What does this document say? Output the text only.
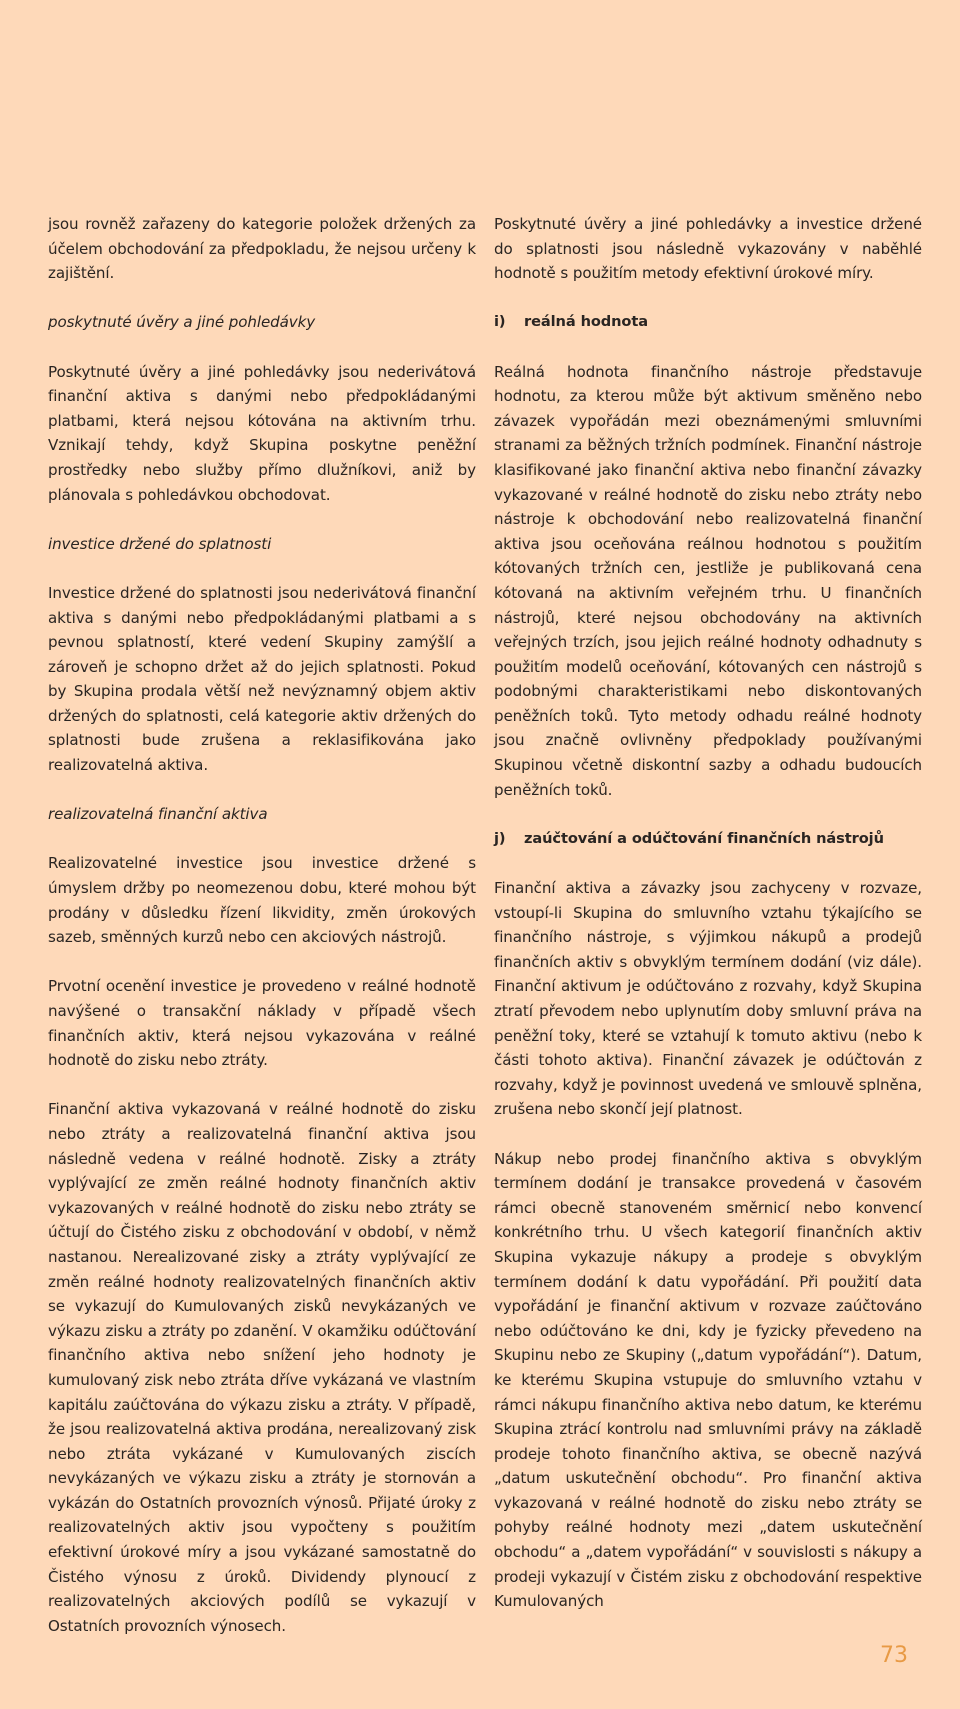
jsou rovněž zařazeny do kategorie položek držených za účelem obchodování za předpokladu, že nejsou určeny k zajištění.

poskytnuté úvěry a jiné pohledávky

Poskytnuté úvěry a jiné pohledávky jsou nederivátová finanční aktiva s danými nebo předpokládanými platbami, která nejsou kótována na aktivním trhu. Vznikají tehdy, když Skupina poskytne peněžní prostředky nebo služby přímo dlužníkovi, aniž by plánovala s pohledávkou obchodovat.

investice držené do splatnosti

Investice držené do splatnosti jsou nederivátová finanční aktiva s danými nebo předpokládanými platbami a s pevnou splatností, které vedení Skupiny zamýšlí a zároveň je schopno držet až do jejich splatnosti. Pokud by Skupina prodala větší než nevýznamný objem aktiv držených do splatnosti, celá kategorie aktiv držených do splatnosti bude zrušena a reklasifikována jako realizovatelná aktiva.

realizovatelná finanční aktiva

Realizovatelné investice jsou investice držené s úmyslem držby po neomezenou dobu, které mohou být prodány v důsledku řízení likvidity, změn úrokových sazeb, směnných kurzů nebo cen akciových nástrojů.

Prvotní ocenění investice je provedeno v reálné hodnotě navýšené o transakční náklady v případě všech finančních aktiv, která nejsou vykazována v reálné hodnotě do zisku nebo ztráty.

Finanční aktiva vykazovaná v reálné hodnotě do zisku nebo ztráty a realizovatelná finanční aktiva jsou následně vedena v reálné hodnotě. Zisky a ztráty vyplývající ze změn reálné hodnoty finančních aktiv vykazovaných v reálné hodnotě do zisku nebo ztráty se účtují do Čistého zisku z obchodování v období, v němž nastanou. Nerealizované zisky a ztráty vyplývající ze změn reálné hodnoty realizovatelných finančních aktiv se vykazují do Kumulovaných zisků nevykázaných ve výkazu zisku a ztráty po zdanění. V okamžiku odúčtování finančního aktiva nebo snížení jeho hodnoty je kumulovaný zisk nebo ztráta dříve vykázaná ve vlastním kapitálu zaúčtována do výkazu zisku a ztráty. V případě, že jsou realizovatelná aktiva prodána, nerealizovaný zisk nebo ztráta vykázané v Kumulovaných ziscích nevykázaných ve výkazu zisku a ztráty je stornován a vykázán do Ostatních provozních výnosů. Přijaté úroky z realizovatelných aktiv jsou vypočteny s použitím efektivní úrokové míry a jsou vykázané samostatně do Čistého výnosu z úroků. Dividendy plynoucí z realizovatelných akciových podílů se vykazují v Ostatních provozních výnosech.

Poskytnuté úvěry a jiné pohledávky a investice držené do splatnosti jsou následně vykazovány v naběhlé hodnotě s použitím metody efektivní úrokové míry.

i) reálná hodnota

Reálná hodnota finančního nástroje představuje hodnotu, za kterou může být aktivum směněno nebo závazek vypořádán mezi obeznámenými smluvními stranami za běžných tržních podmínek. Finanční nástroje klasifikované jako finanční aktiva nebo finanční závazky vykazované v reálné hodnotě do zisku nebo ztráty nebo nástroje k obchodování nebo realizovatelná finanční aktiva jsou oceňována reálnou hodnotou s použitím kótovaných tržních cen, jestliže je publikovaná cena kótovaná na aktivním veřejném trhu. U finančních nástrojů, které nejsou obchodovány na aktivních veřejných trzích, jsou jejich reálné hodnoty odhadnuty s použitím modelů oceňování, kótovaných cen nástrojů s podobnými charakteristikami nebo diskontovaných peněžních toků. Tyto metody odhadu reálné hodnoty jsou značně ovlivněny předpoklady používanými Skupinou včetně diskontní sazby a odhadu budoucích peněžních toků.

j) zaúčtování a odúčtování finančních nástrojů

Finanční aktiva a závazky jsou zachyceny v rozvaze, vstoupí-li Skupina do smluvního vztahu týkajícího se finančního nástroje, s výjimkou nákupů a prodejů finančních aktiv s obvyklým termínem dodání (viz dále). Finanční aktivum je odúčtováno z rozvahy, když Skupina ztratí převodem nebo uplynutím doby smluvní práva na peněžní toky, které se vztahují k tomuto aktivu (nebo k části tohoto aktiva). Finanční závazek je odúčtován z rozvahy, když je povinnost uvedená ve smlouvě splněna, zrušena nebo skončí její platnost.

Nákup nebo prodej finančního aktiva s obvyklým termínem dodání je transakce provedená v časovém rámci obecně stanoveném směrnicí nebo konvencí konkrétního trhu. U všech kategorií finančních aktiv Skupina vykazuje nákupy a prodeje s obvyklým termínem dodání k datu vypořádání. Při použití data vypořádání je finanční aktivum v rozvaze zaúčtováno nebo odúčtováno ke dni, kdy je fyzicky převedeno na Skupinu nebo ze Skupiny („datum vypořádání“). Datum, ke kterému Skupina vstupuje do smluvního vztahu v rámci nákupu finančního aktiva nebo datum, ke kterému Skupina ztrácí kontrolu nad smluvními právy na základě prodeje tohoto finančního aktiva, se obecně nazývá „datum uskutečnění obchodu“. Pro finanční aktiva vykazovaná v reálné hodnotě do zisku nebo ztráty se pohyby reálné hodnoty mezi „datem uskutečnění obchodu“ a „datem vypořádání“ v souvislosti s nákupy a prodeji vykazují v Čistém zisku z obchodování respektive Kumulovaných

73
